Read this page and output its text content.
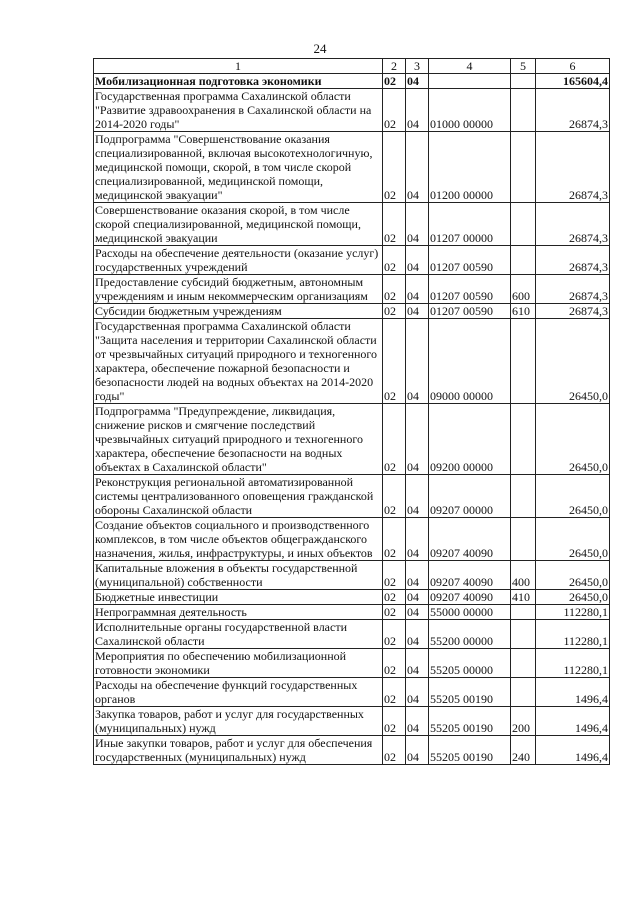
24
1	2	3	4	5	6
Мобилизационная подготовка экономики	02	04			165604,4
Государственная программа Сахалинской области "Развитие здравоохранения в Сахалинской области на 2014-2020 годы"	02	04	01000 00000		26874,3
Подпрограмма "Совершенствование оказания специализированной, включая высокотехнологичную, медицинской помощи, скорой, в том числе скорой специализированной, медицинской помощи, медицинской эвакуации"	02	04	01200 00000		26874,3
Совершенствование оказания скорой, в том числе скорой специализированной, медицинской помощи, медицинской эвакуации	02	04	01207 00000		26874,3
Расходы на обеспечение деятельности (оказание услуг) государственных учреждений	02	04	01207 00590		26874,3
Предоставление субсидий бюджетным, автономным учреждениям и иным некоммерческим организациям	02	04	01207 00590	600	26874,3
Субсидии бюджетным учреждениям	02	04	01207 00590	610	26874,3
Государственная программа Сахалинской области "Защита населения и территории Сахалинской области от чрезвычайных ситуаций природного и техногенного характера, обеспечение пожарной безопасности и безопасности людей на водных объектах на 2014-2020 годы"	02	04	09000 00000		26450,0
Подпрограмма "Предупреждение, ликвидация, снижение рисков и смягчение последствий чрезвычайных ситуаций природного и техногенного характера, обеспечение безопасности на водных объектах в Сахалинской области"	02	04	09200 00000		26450,0
Реконструкция региональной автоматизированной системы централизованного оповещения гражданской обороны Сахалинской области	02	04	09207 00000		26450,0
Создание объектов социального и производственного комплексов, в том числе объектов общегражданского назначения, жилья, инфраструктуры, и иных объектов	02	04	09207 40090		26450,0
Капитальные вложения в объекты государственной (муниципальной) собственности	02	04	09207 40090	400	26450,0
Бюджетные инвестиции	02	04	09207 40090	410	26450,0
Непрограммная деятельность	02	04	55000 00000		112280,1
Исполнительные органы государственной власти Сахалинской области	02	04	55200 00000		112280,1
Мероприятия по обеспечению мобилизационной готовности экономики	02	04	55205 00000		112280,1
Расходы на обеспечение функций государственных органов	02	04	55205 00190		1496,4
Закупка товаров, работ и услуг для государственных (муниципальных) нужд	02	04	55205 00190	200	1496,4
Иные закупки товаров, работ и услуг для обеспечения государственных (муниципальных) нужд	02	04	55205 00190	240	1496,4
